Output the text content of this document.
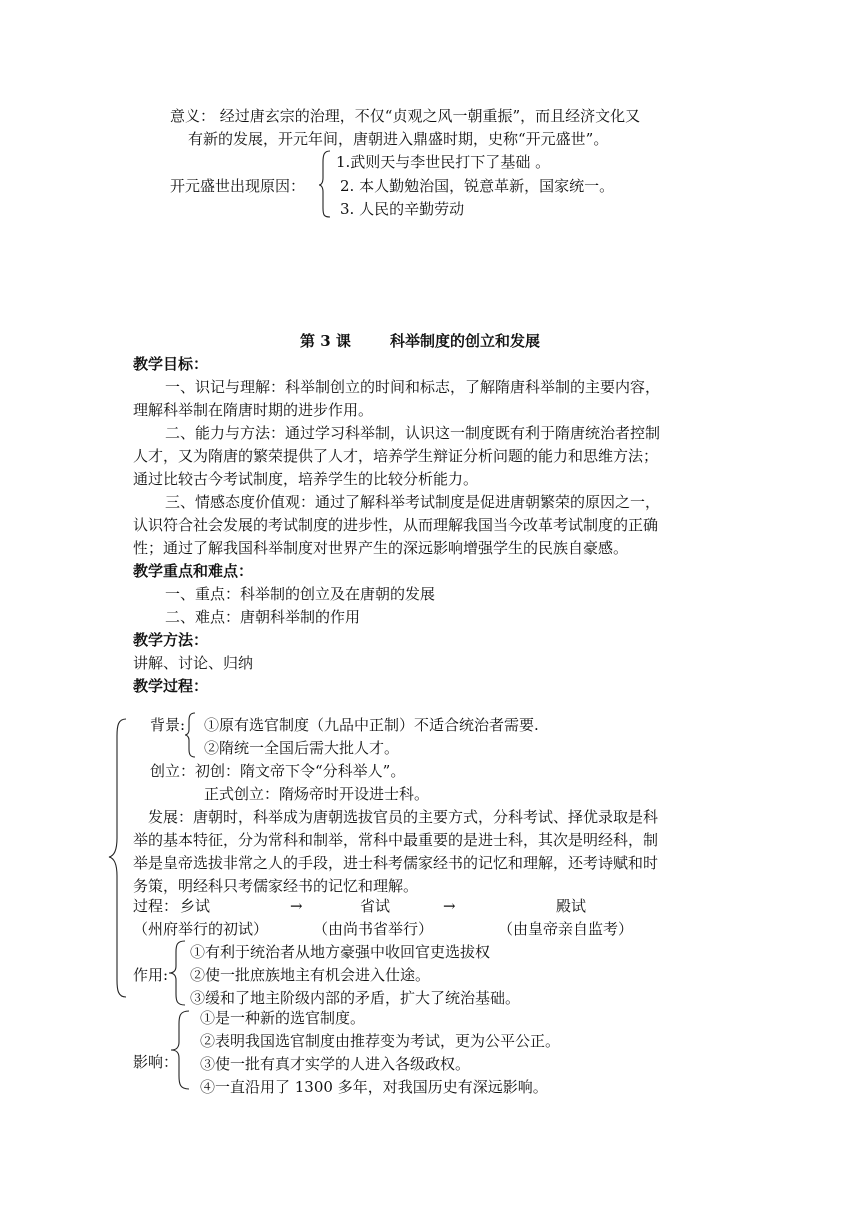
意义： 经过唐玄宗的治理，不仅“贞观之风一朝重振”，而且经济文化又
有新的发展，开元年间，唐朝进入鼎盛时期，史称“开元盛世”。
开元盛世出现原因：
1.武则天与李世民打下了基础 。
2. 本人勤勉治国，锐意革新，国家统一。
3. 人民的辛勤劳动
第 3 课	科举制度的创立和发展
教学目标：
一、识记与理解：科举制创立的时间和标志，了解隋唐科举制的主要内容，
理解科举制在隋唐时期的进步作用。
二、能力与方法：通过学习科举制，认识这一制度既有利于隋唐统治者控制
人才，又为隋唐的繁荣提供了人才，培养学生辩证分析问题的能力和思维方法；
通过比较古今考试制度，培养学生的比较分析能力。
三、情感态度价值观：通过了解科举考试制度是促进唐朝繁荣的原因之一，
认识符合社会发展的考试制度的进步性，从而理解我国当今改革考试制度的正确
性；通过了解我国科举制度对世界产生的深远影响增强学生的民族自豪感。
教学重点和难点：
一、重点：科举制的创立及在唐朝的发展
二、难点：唐朝科举制的作用
教学方法：
讲解、讨论、归纳
教学过程：
背景: ①原有选官制度（九品中正制）不适合统治者需要.
②隋统一全国后需大批人才。
创立：初创：隋文帝下令“分科举人”。
正式创立：隋炀帝时开设进士科。
发展：唐朝时，科举成为唐朝选拔官员的主要方式，分科考试、择优录取是科
举的基本特征，分为常科和制举，常科中最重要的是进士科，其次是明经科，制
举是皇帝选拔非常之人的手段，进士科考儒家经书的记忆和理解，还考诗赋和时
务策，明经科只考儒家经书的记忆和理解。
过程： 乡试	→	省试	→	殿试
（州府举行的初试）	（由尚书省举行）	（由皇帝亲自监考）
作用:
①有利于统治者从地方豪强中收回官吏选拔权
②使一批庶族地主有机会进入仕途。
③缓和了地主阶级内部的矛盾，扩大了统治基础。
影响：
①是一种新的选官制度。
②表明我国选官制度由推荐变为考试，更为公平公正。
③使一批有真才实学的人进入各级政权。
④一直沿用了 1300 多年，对我国历史有深远影响。
